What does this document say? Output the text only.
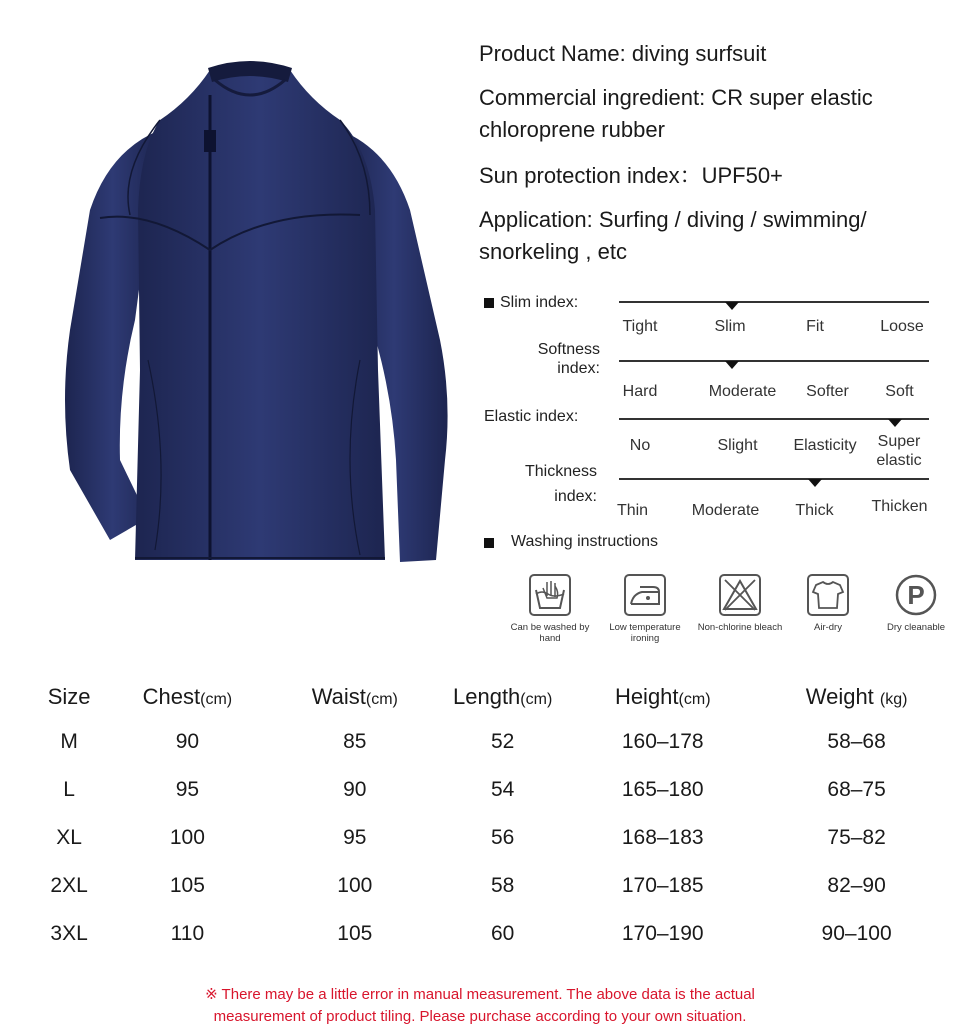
Product Name: diving surfsuit

Commercial ingredient: CR super elastic chloroprene rubber

Sun protection index：UPF50+

Application: Surfing / diving / swimming/ snorkeling , etc

Slim index:
Tight	Slim	Fit	Loose
Softness index:
Hard	Moderate	Softer	Soft
Elastic index:
No	Slight	Elasticity	Super elastic
Thickness index:
Thin	Moderate	Thick	Thicken
Washing instructions
Can be washed by hand
Low temperature ironing
Non-chlorine bleach	Air-dry
P
Dry cleanable
Size	Chest(cm)	Waist(cm)	Length(cm)	Height(cm)	Weight (kg)
M	90	85	52	160–178	58–68
L	95	90	54	165–180	68–75
XL	100	95	56	168–183	75–82
2XL	105	100	58	170–185	82–90
3XL	110	105	60	170–190	90–100
※ There may be a little error in manual measurement. The above data is the actual
measurement of product tiling. Please purchase according to your own situation.
